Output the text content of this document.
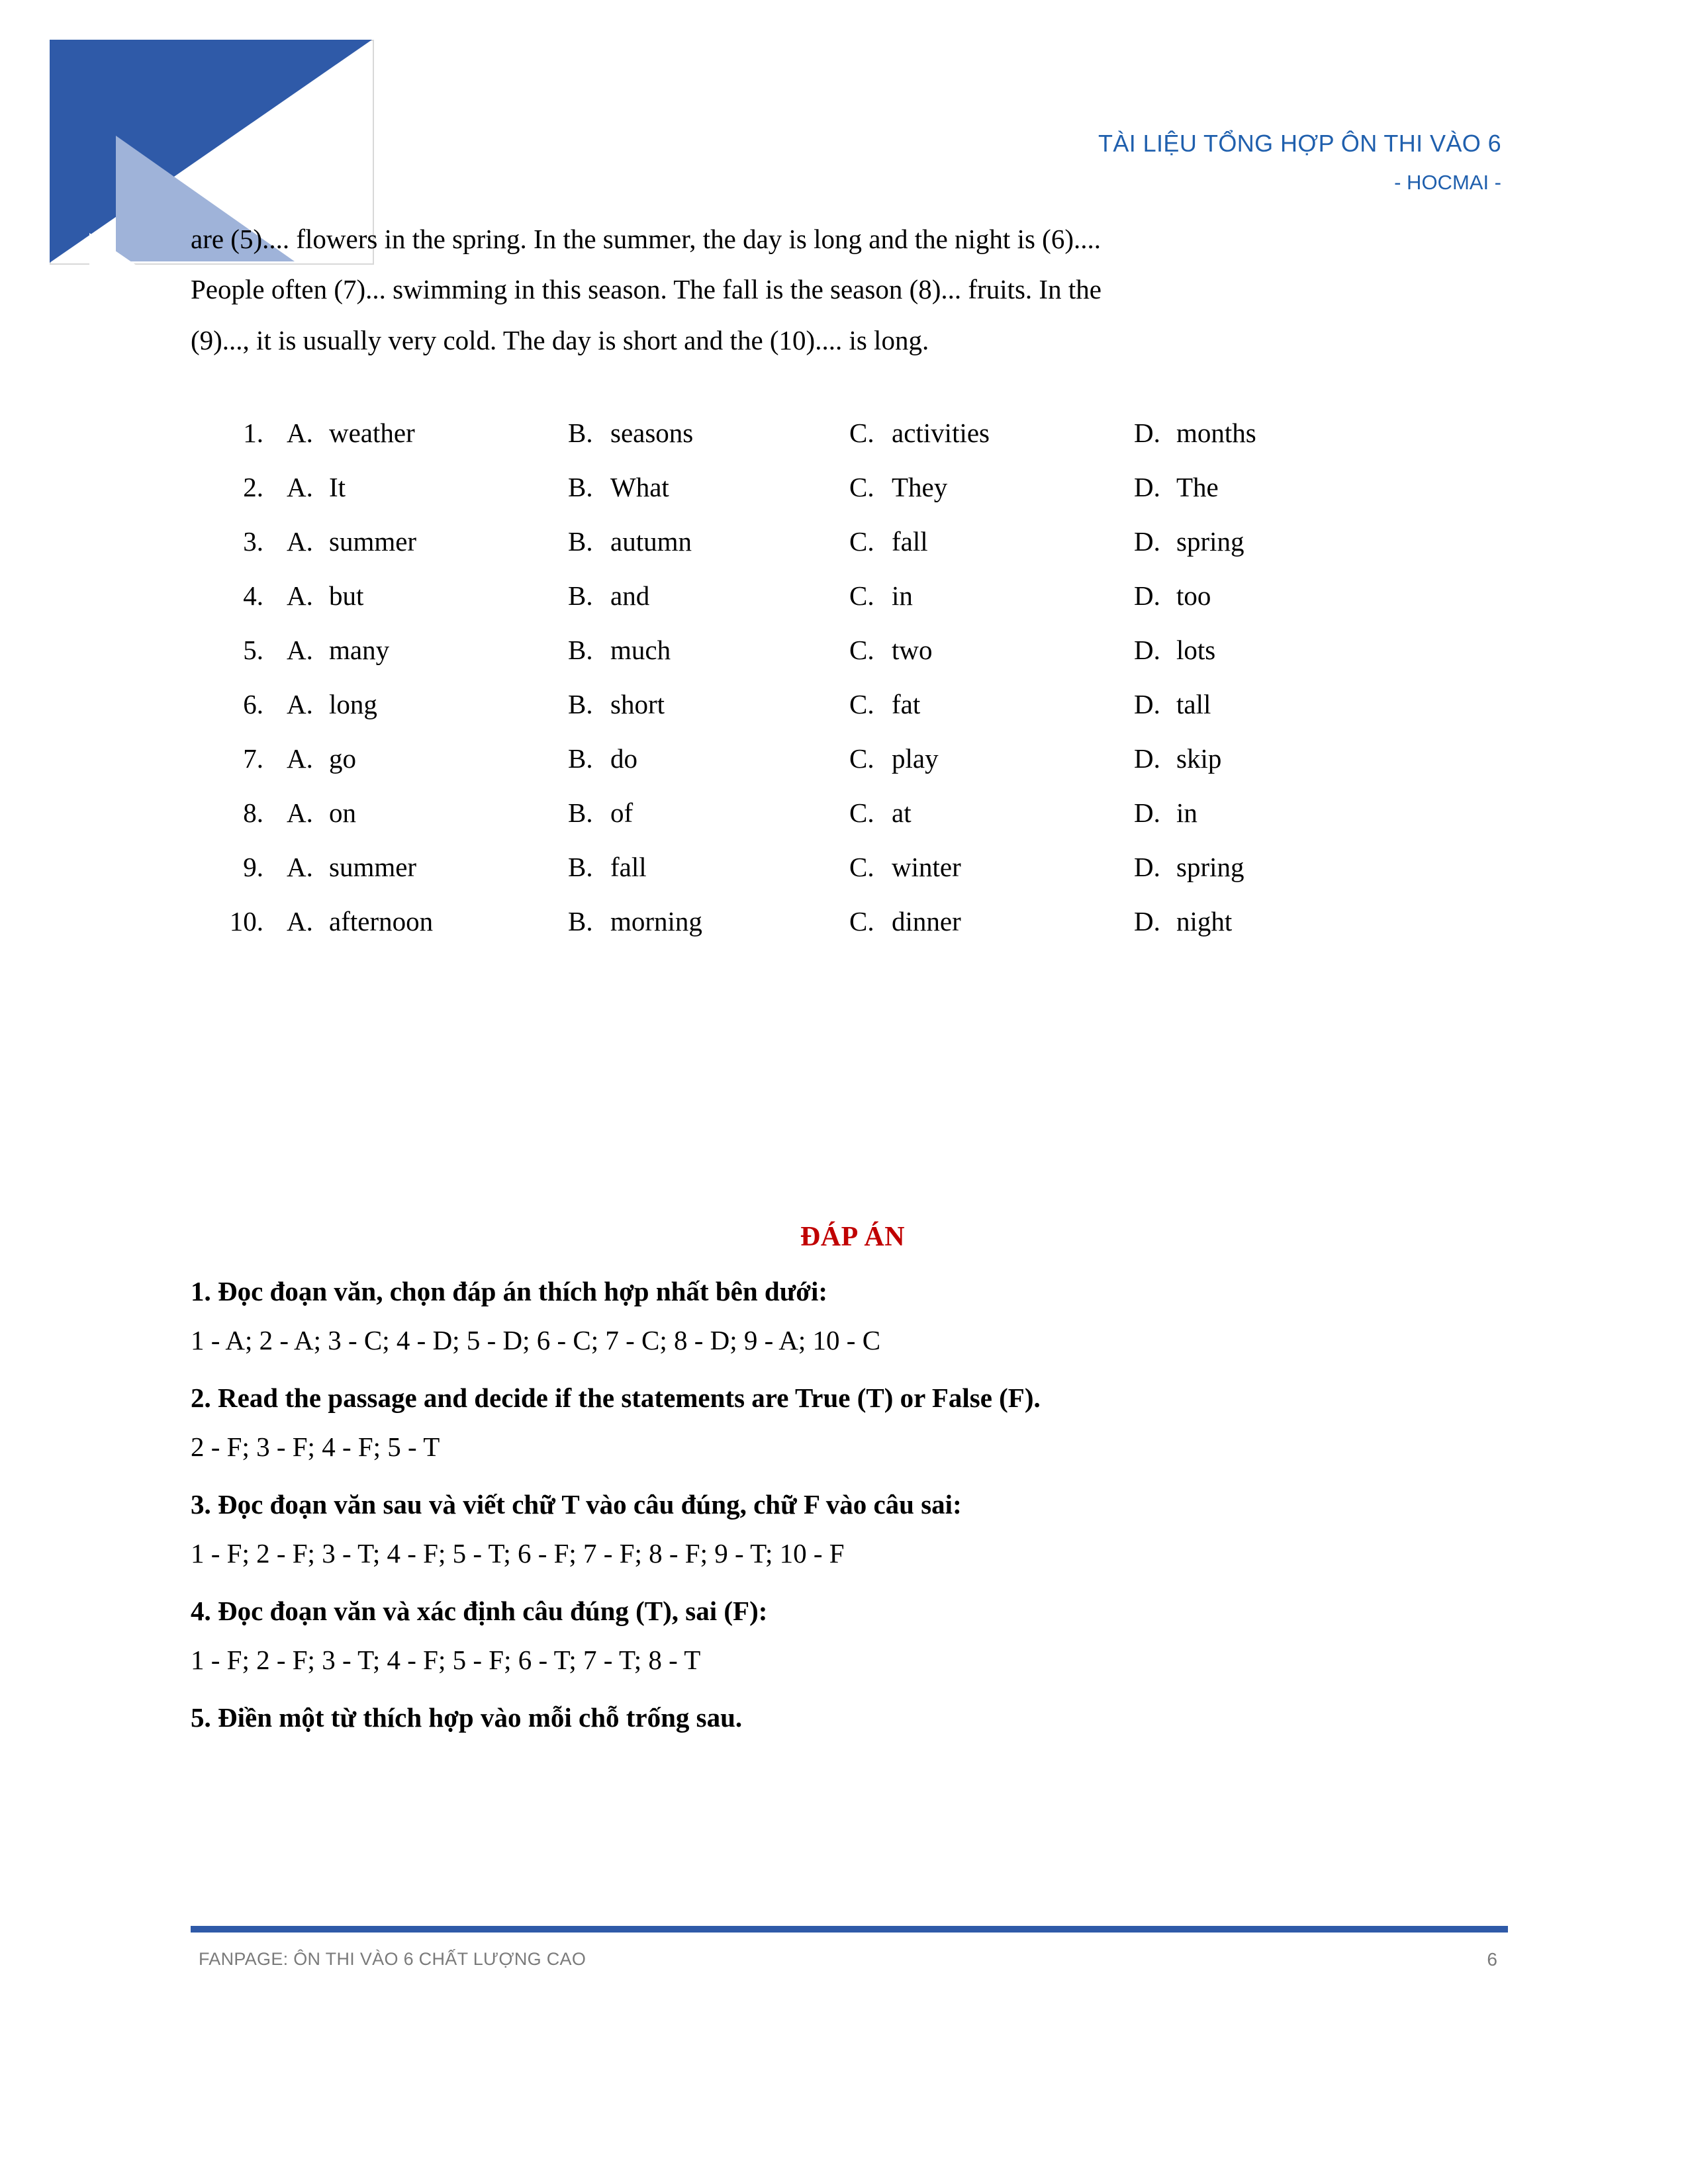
TÀI LIỆU TỔNG HỢP ÔN THI VÀO 6
- HOCMAI -

are (5).... flowers in the spring. In the summer, the day is long and the night is (6)....

People often (7)... swimming in this season. The fall is the season (8)... fruits. In the

(9)..., it is usually very cold. The day is short and the (10).... is long.

1. A. weather	B. seasons	C. activities	D. months
2. A. It	B. What	C. They	D. The
3. A. summer	B. autumn	C. fall	D. spring
4. A. but	B. and	C. in	D. too
5. A. many	B. much	C. two	D. lots
6. A. long	B. short	C. fat	D. tall
7. A. go	B. do	C. play	D. skip
8. A. on	B. of	C. at	D. in
9. A. summer	B. fall	C. winter	D. spring
10. A. afternoon	B. morning	C. dinner	D. night
ĐÁP ÁN
1. Đọc đoạn văn, chọn đáp án thích hợp nhất bên dưới:
1 - A; 2 - A; 3 - C; 4 - D; 5 - D; 6 - C; 7 - C; 8 - D; 9 - A; 10 - C
2. Read the passage and decide if the statements are True (T) or False (F).
2 - F; 3 - F; 4 - F; 5 - T
3. Đọc đoạn văn sau và viết chữ T vào câu đúng, chữ F vào câu sai:
1 - F; 2 - F; 3 - T; 4 - F; 5 - T; 6 - F; 7 - F; 8 - F; 9 - T; 10 - F
4. Đọc đoạn văn và xác định câu đúng (T), sai (F):
1 - F; 2 - F; 3 - T; 4 - F; 5 - F; 6 - T; 7 - T; 8 - T
5. Điền một từ thích hợp vào mỗi chỗ trống sau.
FANPAGE: ÔN THI VÀO 6 CHẤT LƯỢNG CAO	6
